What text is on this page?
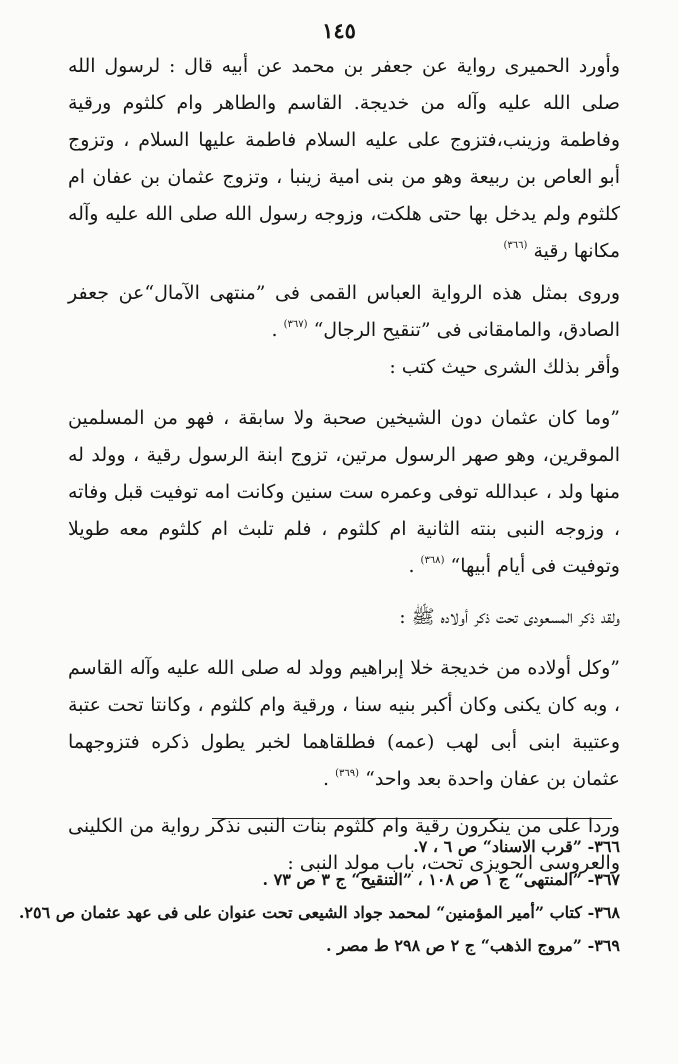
١٤٥

وأورد الحميرى رواية عن جعفر بن محمد عن أبيه قال : لرسول الله صلى الله عليه وآله من خديجة. القاسم والطاهر وام كلثوم ورقية وفاطمة وزينب،فتزوج على عليه السلام فاطمة عليها السلام ، وتزوج أبو العاص بن ربيعة وهو من بنى امية زينبا ، وتزوج عثمان بن عفان ام كلثوم ولم يدخل بها حتى هلكت، وزوجه رسول الله صلى الله عليه وآله مكانها رقية $^{(٣٦٦)}$

وروى بمثل هذه الرواية العباس القمى فى ”منتهى الآمال“عن جعفر الصادق، والمامقانى فى ”تنقيح الرجال“ $^{(٣٦٧)}$ .

وأقر بذلك الشرى حيث كتب :

”وما كان عثمان دون الشيخين صحبة ولا سابقة ، فهو من المسلمين الموقرين، وهو صهر الرسول مرتين، تزوج ابنة الرسول رقية ، وولد له منها ولد ، عبدالله توفى وعمره ست سنين وكانت امه توفيت قبل وفاته ، وزوجه النبى بنته الثانية ام كلثوم ، فلم تلبث ام كلثوم معه طويلا وتوفيت فى أيام أبيها“ $^{(٣٦٨)}$ .

ولقد ذكر المسعودى تحت ذكر أولاده ﷺ :

”وكل أولاده من خديجة خلا إبراهيم وولد له صلى الله عليه وآله القاسم ، وبه كان يكنى وكان أكبر بنيه سنا ، ورقية وام كلثوم ، وكانتا تحت عتبة وعتيبة ابنى أبى لهب (عمه) فطلقاهما لخبر يطول ذكره فتزوجهما عثمان بن عفان واحدة بعد واحد“ $^{(٣٦٩)}$ .

وردا على من ينكرون رقية وام كلثوم بنات النبى نذكر رواية من الكلينى والعروسى الحويزى تحت، باب مولد النبى :

٣٦٦- ”قرب الاسناد“ ص ٦ ، ٧.
٣٦٧- ”المنتهى“ ج ١ ص ١٠٨ ، ”التنقيح“ ج ٣ ص ٧٣ .
٣٦٨- كتاب ”أمير المؤمنين“ لمحمد جواد الشيعى تحت عنوان على فى عهد عثمان ص ٢٥٦.
٣٦٩- ”مروج الذهب“ ج ٢ ص ٢٩٨ ط مصر .
